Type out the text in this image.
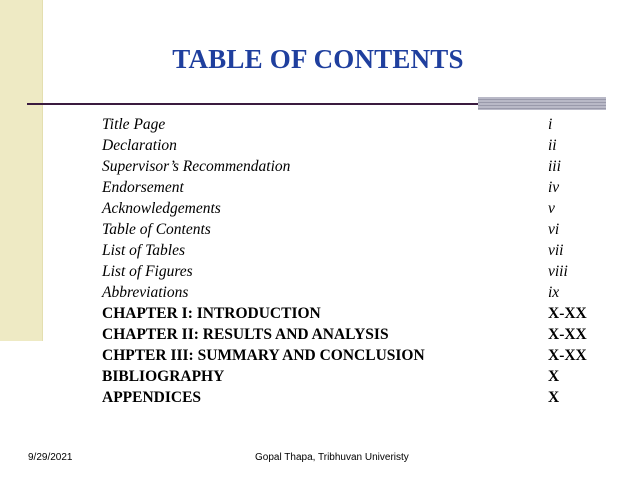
TABLE OF CONTENTS
Title Page	i
Declaration	ii
Supervisor’s Recommendation	iii
Endorsement	iv
Acknowledgements	v
Table of Contents	vi
List of Tables	vii
List of Figures	viii
Abbreviations	ix
CHAPTER I: INTRODUCTION	X-XX
CHAPTER II: RESULTS AND ANALYSIS	X-XX
CHPTER III: SUMMARY AND CONCLUSION	X-XX
BIBLIOGRAPHY	X
APPENDICES	X
9/29/2021	Gopal Thapa, Tribhuvan Univeristy
